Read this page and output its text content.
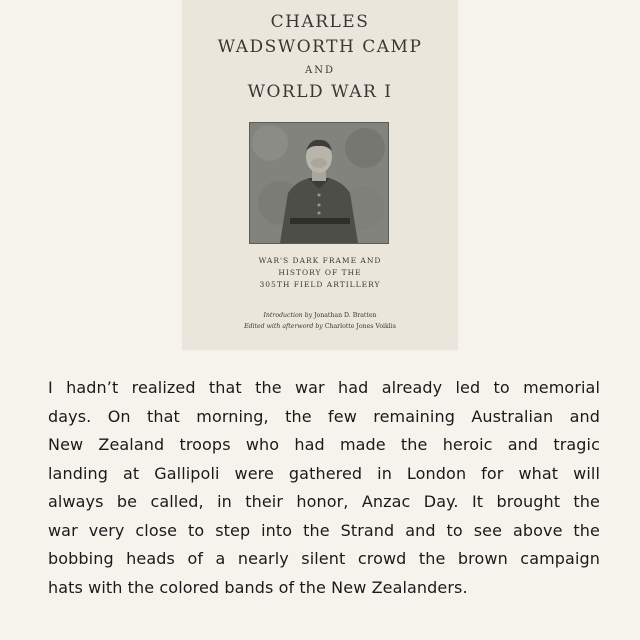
CHARLES
WADSWORTH CAMP
AND
WORLD WAR I
WAR'S DARK FRAME AND
HISTORY OF THE
305TH FIELD ARTILLERY
Introduction by Jonathan D. Bratten
Edited with afterword by Charlotte Jones Voiklis
I hadn’t realized that the war had already led to memorial
days. On that morning, the few remaining Australian and
New Zealand troops who had made the heroic and tragic
landing at Gallipoli were gathered in London for what will
always be called, in their honor, Anzac Day. It brought the
war very close to step into the Strand and to see above the
bobbing heads of a nearly silent crowd the brown campaign
hats with the colored bands of the New Zealanders.
